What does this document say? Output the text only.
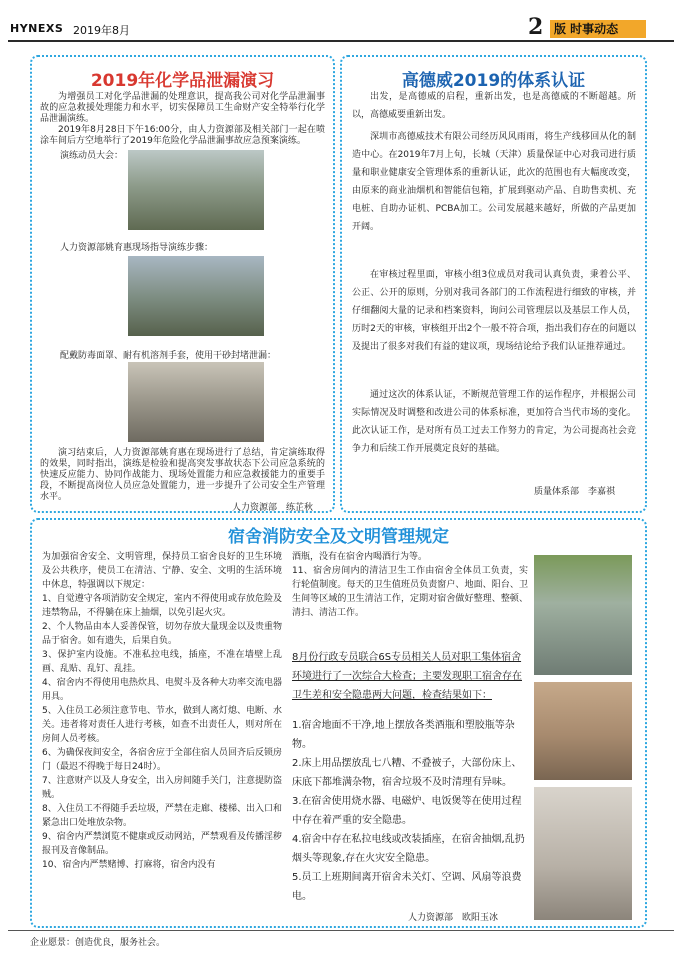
HYNEXS 2019年8月	2 版 时事动态
2019年化学品泄漏演习
为增强员工对化学品泄漏的处理意识，提高我公司对化学品泄漏事故的应急救援处理能力和水平，切实保障员工生命财产安全特举行化学品泄漏演练。
2019年8月28日下午16:00分，由人力资源部及相关部门一起在喷涂车间后方空地举行了2019年危险化学品泄漏事故应急预案演练。
演练动员大会：
人力资源部姚育惠现场指导演练步骤：
配戴防毒面罩、耐有机溶剂手套，使用干砂封堵泄漏：
演习结束后，人力资源部姚育惠在现场进行了总结，肯定演练取得的效果，同时指出，演练是检验和提高突发事故状态下公司应急系统的快速反应能力、协同作战能力、现场处置能力和应急救援能力的重要手段，不断提高岗位人员应急处置能力，进一步提升了公司安全生产管理水平。
人力资源部　练芷秋
高德威2019的体系认证
出发，是高德威的启程，重新出发，也是高德威的不断超越。所以，高德威要重新出发。
深圳市高德威技术有限公司经历风风雨雨，将生产线移回从化的制造中心。在2019年7月上旬，长城（天津）质量保证中心对我司进行质量和职业健康安全管理体系的重新认证，此次的范围也有大幅度改变，由原来的商业油烟机和智能信包箱，扩展到驱动产品、自助售卖机、充电桩、自助办证机、PCBA加工。公司发展越来越好，所做的产品更加开阔。
在审核过程里面，审核小组3位成员对我司认真负责，秉着公平、公正、公开的原则，分别对我司各部门的工作流程进行细致的审核，并仔细翻阅大量的记录和档案资料，询问公司管理层以及基层工作人员，历时2天的审核，审核组开出2个一般不符合项，指出我们存在的问题以及提出了很多对我们有益的建议项，现场结论给予我们认证推荐通过。
通过这次的体系认证，不断规范管理工作的运作程序，并根据公司实际情况及时调整和改进公司的体系标准，更加符合当代市场的变化。此次认证工作，是对所有员工过去工作努力的肯定，为公司提高社会竞争力和后续工作开展奠定良好的基础。
质量体系部　李嘉祺
宿舍消防安全及文明管理规定
为加强宿舍安全、文明管理，保持员工宿舍良好的卫生环境及公共秩序，使员工在清洁、宁静、安全、文明的生活环境中休息，特强调以下规定：
1、自觉遵守各项消防安全规定，室内不得使用或存放危险及违禁物品，不得躺在床上抽烟，以免引起火灾。
2、个人物品由本人妥善保管，切勿存放大量现金以及贵重物品于宿舍。如有遗失，后果自负。
3、保护室内设施。不准私拉电线，插座，不准在墙壁上乱画、乱贴、乱钉、乱挂。
4、宿舍内不得使用电热炊具、电熨斗及各种大功率交流电器用具。
5、入住员工必须注意节电、节水，做到人离灯熄、电断、水关。违者将对责任人进行考核，如查不出责任人，则对所在房间人员考核。
6、为确保夜间安全，各宿舍应于全部住宿人员回齐后反锁房门（最迟不得晚于每日24时）。
7、注意财产以及人身安全，出入房间随手关门，注意提防盗贼。
8、入住员工不得随手丢垃圾，严禁在走廊、楼梯、出入口和紧急出口处堆放杂物。
9、宿舍内严禁浏览不健康或反动网站，严禁观看及传播淫秽报刊及音像制品。
10、宿舍内严禁赌博、打麻将，宿舍内没有
酒瓶，没有在宿舍内喝酒行为等。
11、宿舍房间内的清洁卫生工作由宿舍全体员工负责，实行轮值制度。每天的卫生值班员负责窗户、地面、阳台、卫生间等区域的卫生清洁工作，定期对宿舍做好整理、整顿、清扫、清洁工作。
8月份行政专员联合6S专员相关人员对职工集体宿舍环境进行了一次综合大检查；主要发现职工宿舍存在卫生差和安全隐患两大问题，检查结果如下：
1.宿舍地面不干净,地上摆放各类酒瓶和塑胶瓶等杂物。
2.床上用品摆放乱七八糟、不叠被子，大部份床上、床底下都堆满杂物，宿舍垃圾不及时清理有异味。
3.在宿舍使用烧水器、电磁炉、电饭煲等在使用过程中存在着严重的安全隐患。
4.宿舍中存在私拉电线或改装插座，在宿舍抽烟,乱扔烟头等现象,存在火灾安全隐患。
5.员工上班期间离开宿舍未关灯、空调、风扇等浪费电。
人力资源部　欧阳玉冰
企业愿景：创造优良，服务社会。
